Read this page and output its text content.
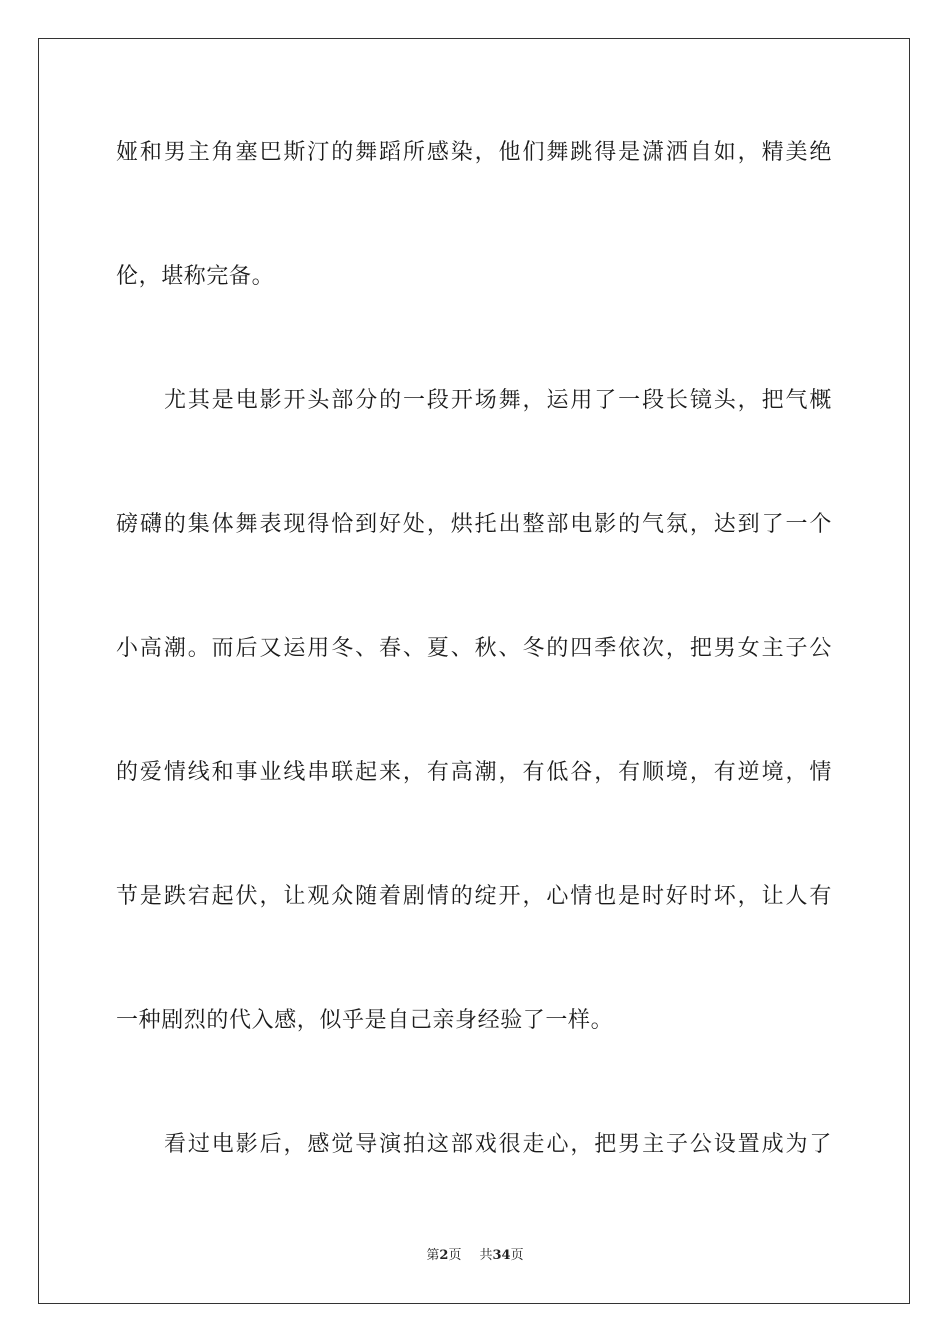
娅和男主角塞巴斯汀的舞蹈所感染，他们舞跳得是潇洒自如，精美绝
伦，堪称完备。
尤其是电影开头部分的一段开场舞，运用了一段长镜头，把气概
磅礴的集体舞表现得恰到好处，烘托出整部电影的气氛，达到了一个
小高潮。而后又运用冬、春、夏、秋、冬的四季依次，把男女主子公
的爱情线和事业线串联起来，有高潮，有低谷，有顺境，有逆境，情
节是跌宕起伏，让观众随着剧情的绽开，心情也是时好时坏，让人有
一种剧烈的代入感，似乎是自己亲身经验了一样。
看过电影后，感觉导演拍这部戏很走心，把男主子公设置成为了
第2页 共34页
